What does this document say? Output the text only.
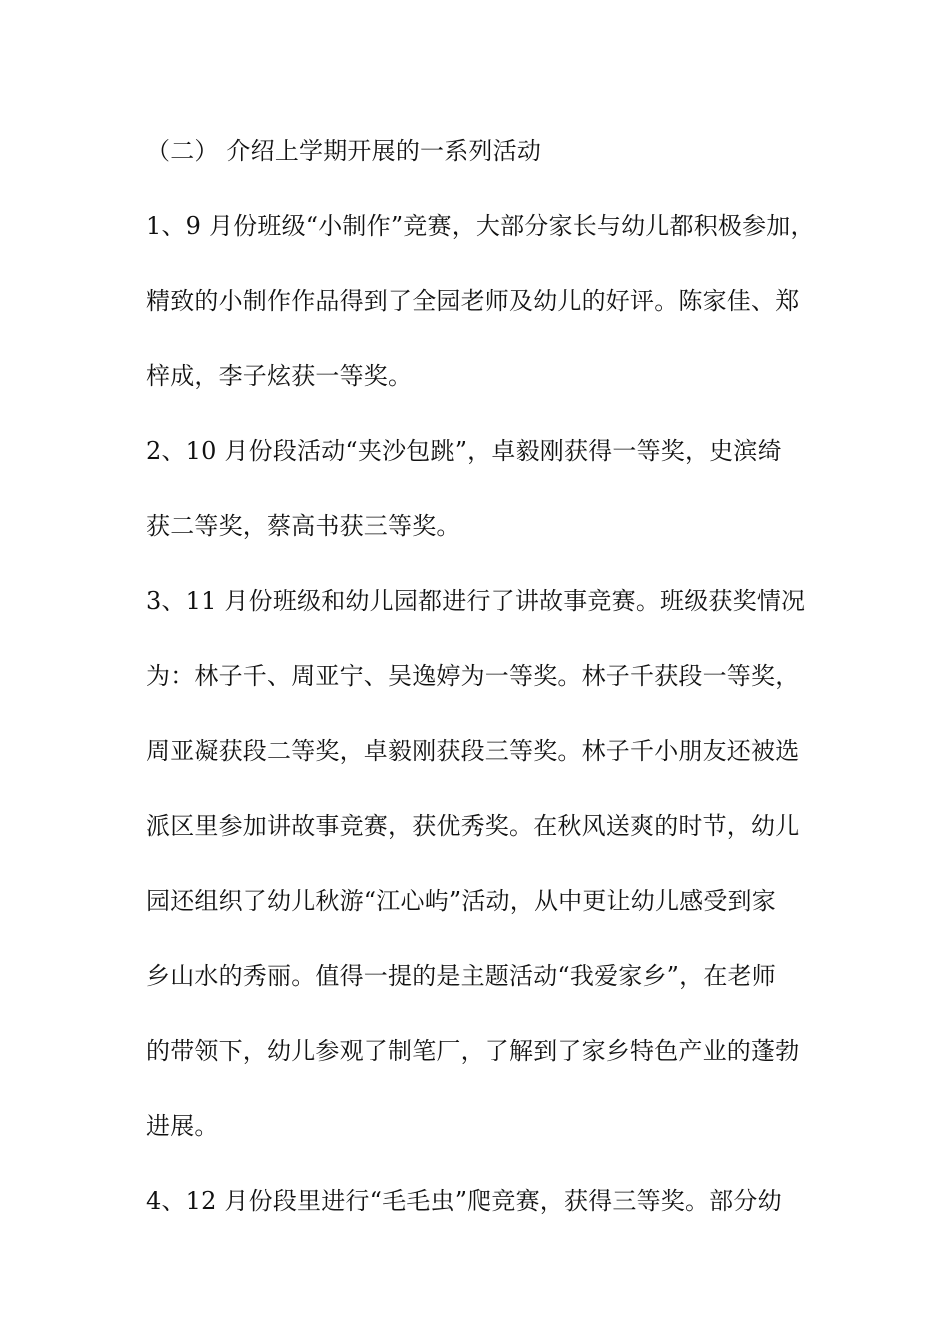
（二） 介绍上学期开展的一系列活动
1、9 月份班级“小制作”竞赛，大部分家长与幼儿都积极参加，
精致的小制作作品得到了全园老师及幼儿的好评。陈家佳、郑
梓成，李子炫获一等奖。
2、10 月份段活动“夹沙包跳”，卓毅刚获得一等奖，史滨绮
获二等奖，蔡高书获三等奖。
3、11 月份班级和幼儿园都进行了讲故事竞赛。班级获奖情况
为：林子千、周亚宁、吴逸婷为一等奖。林子千获段一等奖，
周亚凝获段二等奖，卓毅刚获段三等奖。林子千小朋友还被选
派区里参加讲故事竞赛，获优秀奖。在秋风送爽的时节，幼儿
园还组织了幼儿秋游“江心屿”活动，从中更让幼儿感受到家
乡山水的秀丽。值得一提的是主题活动“我爱家乡”，在老师
的带领下，幼儿参观了制笔厂，了解到了家乡特色产业的蓬勃
进展。
4、12 月份段里进行“毛毛虫”爬竞赛，获得三等奖。部分幼
